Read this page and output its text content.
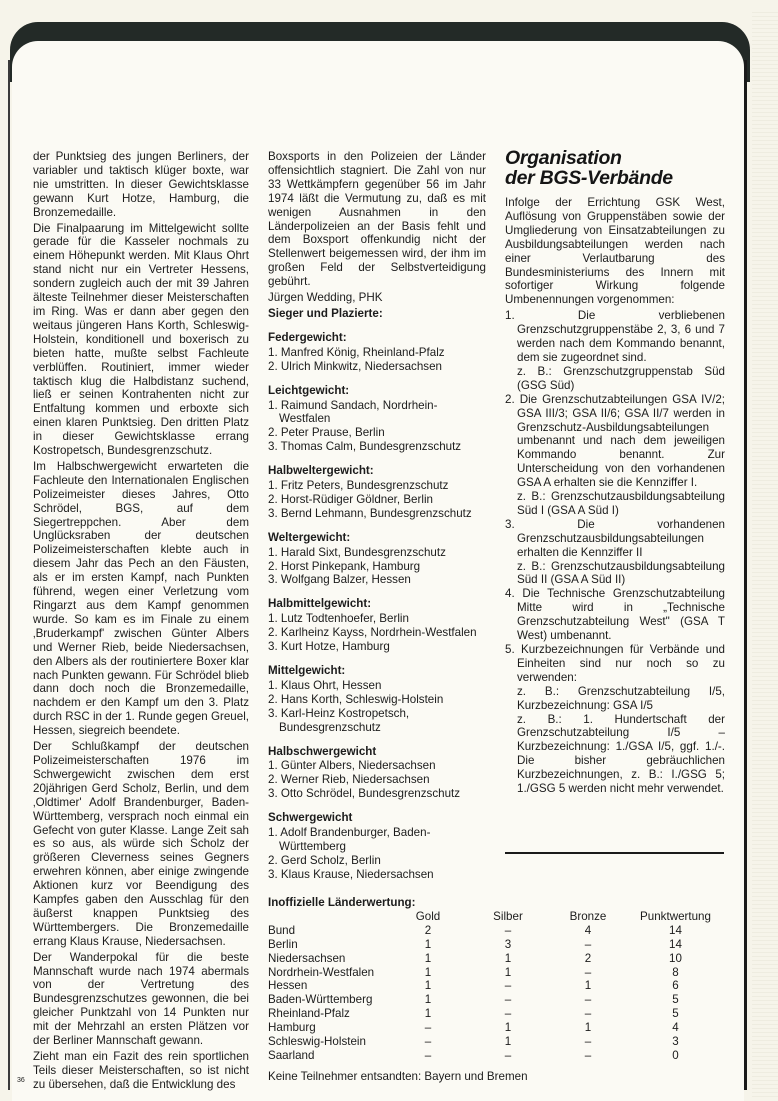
der Punktsieg des jungen Berliners, der variabler und taktisch klüger boxte, war nie umstritten. In dieser Gewichtsklasse gewann Kurt Hotze, Hamburg, die Bronzemedaille.

Die Finalpaarung im Mittelgewicht sollte gerade für die Kasseler nochmals zu einem Höhepunkt werden. Mit Klaus Ohrt stand nicht nur ein Vertreter Hessens, sondern zugleich auch der mit 39 Jahren älteste Teilnehmer dieser Meisterschaften im Ring. Was er dann aber gegen den weitaus jüngeren Hans Korth, Schleswig-Holstein, konditionell und boxerisch zu bieten hatte, mußte selbst Fachleute verblüffen. Routiniert, immer wieder taktisch klug die Halbdistanz suchend, ließ er seinen Kontrahenten nicht zur Entfaltung kommen und erboxte sich einen klaren Punktsieg. Den dritten Platz in dieser Gewichtsklasse errang Kostropetsch, Bundesgrenzschutz.

Im Halbschwergewicht erwarteten die Fachleute den Internationalen Englischen Polizeimeister dieses Jahres, Otto Schrödel, BGS, auf dem Siegertreppchen. Aber dem Unglücksraben der deutschen Polizeimeisterschaften klebte auch in diesem Jahr das Pech an den Fäusten, als er im ersten Kampf, nach Punkten führend, wegen einer Verletzung vom Ringarzt aus dem Kampf genommen wurde. So kam es im Finale zu einem ‚Bruderkampf' zwischen Günter Albers und Werner Rieb, beide Niedersachsen, den Albers als der routiniertere Boxer klar nach Punkten gewann. Für Schrödel blieb dann doch noch die Bronzemedaille, nachdem er den Kampf um den 3. Platz durch RSC in der 1. Runde gegen Greuel, Hessen, siegreich beendete.

Der Schlußkampf der deutschen Polizeimeisterschaften 1976 im Schwergewicht zwischen dem erst 20jährigen Gerd Scholz, Berlin, und dem ‚Oldtimer' Adolf Brandenburger, Baden-Württemberg, versprach noch einmal ein Gefecht von guter Klasse. Lange Zeit sah es so aus, als würde sich Scholz der größeren Cleverness seines Gegners erwehren können, aber einige zwingende Aktionen kurz vor Beendigung des Kampfes gaben den Ausschlag für den äußerst knappen Punktsieg des Württembergers. Die Bronzemedaille errang Klaus Krause, Niedersachsen.

Der Wanderpokal für die beste Mannschaft wurde nach 1974 abermals von der Vertretung des Bundesgrenzschutzes gewonnen, die bei gleicher Punktzahl von 14 Punkten nur mit der Mehrzahl an ersten Plätzen vor der Berliner Mannschaft gewann.

Zieht man ein Fazit des rein sportlichen Teils dieser Meisterschaften, so ist nicht zu übersehen, daß die Entwicklung des

Boxsports in den Polizeien der Länder offensichtlich stagniert. Die Zahl von nur 33 Wettkämpfern gegenüber 56 im Jahr 1974 läßt die Vermutung zu, daß es mit wenigen Ausnahmen in den Länderpolizeien an der Basis fehlt und dem Boxsport offenkundig nicht der Stellenwert beigemessen wird, der ihm im großen Feld der Selbstverteidigung gebührt.

Jürgen Wedding, PHK

Sieger und Plazierte:
Federgewicht:
1. Manfred König, Rheinland-Pfalz
2. Ulrich Minkwitz, Niedersachsen
Leichtgewicht:
1. Raimund Sandach, Nordrhein-Westfalen
2. Peter Prause, Berlin
3. Thomas Calm, Bundesgrenzschutz
Halbweltergewicht:
1. Fritz Peters, Bundesgrenzschutz
2. Horst-Rüdiger Göldner, Berlin
3. Bernd Lehmann, Bundesgrenzschutz
Weltergewicht:
1. Harald Sixt, Bundesgrenzschutz
2. Horst Pinkepank, Hamburg
3. Wolfgang Balzer, Hessen
Halbmittelgewicht:
1. Lutz Todtenhoefer, Berlin
2. Karlheinz Kayss, Nordrhein-Westfalen
3. Kurt Hotze, Hamburg
Mittelgewicht:
1. Klaus Ohrt, Hessen
2. Hans Korth, Schleswig-Holstein
3. Karl-Heinz Kostropetsch, Bundesgrenzschutz
Halbschwergewicht
1. Günter Albers, Niedersachsen
2. Werner Rieb, Niedersachsen
3. Otto Schrödel, Bundesgrenzschutz
Schwergewicht
1. Adolf Brandenburger, Baden-Württemberg
2. Gerd Scholz, Berlin
3. Klaus Krause, Niedersachsen
Organisation
der BGS-Verbände

Infolge der Errichtung GSK West, Auflösung von Gruppenstäben sowie der Umgliederung von Einsatzabteilungen zu Ausbildungsabteilungen werden nach einer Verlautbarung des Bundesministeriums des Innern mit sofortiger Wirkung folgende Umbenennungen vorgenommen:

1. Die verbliebenen Grenzschutzgruppenstäbe 2, 3, 6 und 7 werden nach dem Kommando benannt, dem sie zugeordnet sind.
z. B.: Grenzschutzgruppenstab Süd (GSG Süd)
2. Die Grenzschutzabteilungen GSA IV/2; GSA III/3; GSA II/6; GSA II/7 werden in Grenzschutz-Ausbildungsabteilungen umbenannt und nach dem jeweiligen Kommando benannt. Zur Unterscheidung von den vorhandenen GSA A erhalten sie die Kennziffer I.
z. B.: Grenzschutzausbildungsabteilung Süd I (GSA A Süd I)
3. Die vorhandenen Grenzschutzausbildungsabteilungen erhalten die Kennziffer II
z. B.: Grenzschutzausbildungsabteilung Süd II (GSA A Süd II)
4. Die Technische Grenzschutzabteilung Mitte wird in „Technische Grenzschutzabteilung West" (GSA T West) umbenannt.
5. Kurzbezeichnungen für Verbände und Einheiten sind nur noch so zu verwenden:
z. B.: Grenzschutzabteilung I/5, Kurzbezeichnung: GSA I/5
z. B.: 1. Hundertschaft der Grenzschutzabteilung I/5 – Kurzbezeichnung: 1./GSA I/5, ggf. 1./-. Die bisher gebräuchlichen Kurzbezeichnungen, z. B.: I./GSG 5; 1./GSG 5 werden nicht mehr verwendet.
Inoffizielle Länderwertung:
	Gold	Silber	Bronze	Punktwertung
Bund	2	–	4	14
Berlin	1	3	–	14
Niedersachsen	1	1	2	10
Nordrhein-Westfalen	1	1	–	8
Hessen	1	–	1	6
Baden-Württemberg	1	–	–	5
Rheinland-Pfalz	1	–	–	5
Hamburg	–	1	1	4
Schleswig-Holstein	–	1	–	3
Saarland	–	–	–	0
Keine Teilnehmer entsandten: Bayern und Bremen
36
